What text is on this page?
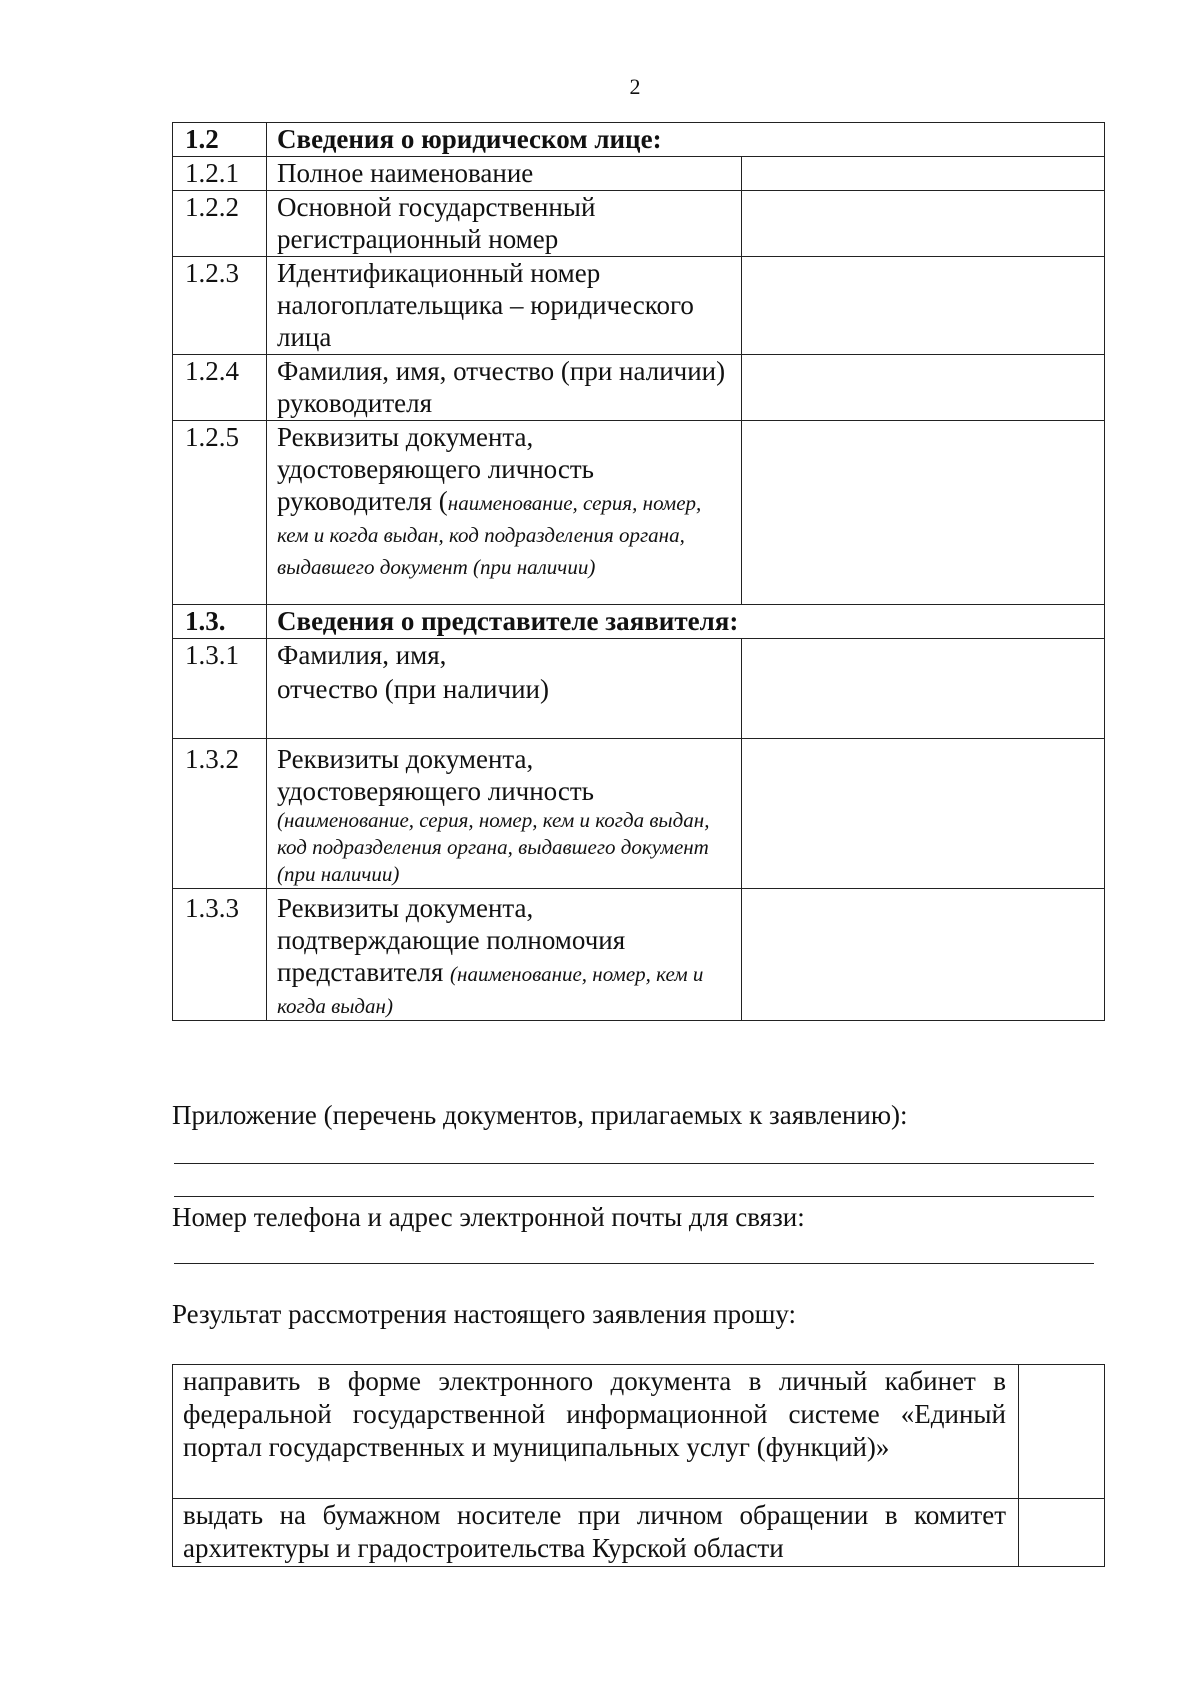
2
1.2	Сведения о юридическом лице:	
1.2.1	Полное наименование	
1.2.2	Основной государственный регистрационный номер	
1.2.3	Идентификационный номер налогоплательщика – юридического лица	
1.2.4	Фамилия, имя, отчество (при наличии) руководителя	
1.2.5	Реквизиты документа, удостоверяющего личность руководителя (наименование, серия, номер, кем и когда выдан, код подразделения органа, выдавшего документ (при наличии)	
1.3.	Сведения о представителе заявителя:	
1.3.1	Фамилия, имя,
отчество (при наличии)	

1.3.2	Реквизиты документа, удостоверяющего личность
(наименование, серия, номер, кем и когда выдан, код подразделения органа, выдавшего документ (при наличии)	

1.3.3	Реквизиты документа, подтверждающие полномочия представителя (наименование, номер, кем и когда выдан)	
Приложение (перечень документов, прилагаемых к заявлению):
Номер телефона и адрес электронной почты для связи:
Результат рассмотрения настоящего заявления прошу:
направить в форме электронного документа в личный кабинет в федеральной государственной информационной системе «Единый портал государственных и муниципальных услуг (функций)»	
выдать на бумажном носителе при личном обращении в комитет архитектуры и градостроительства Курской области	
